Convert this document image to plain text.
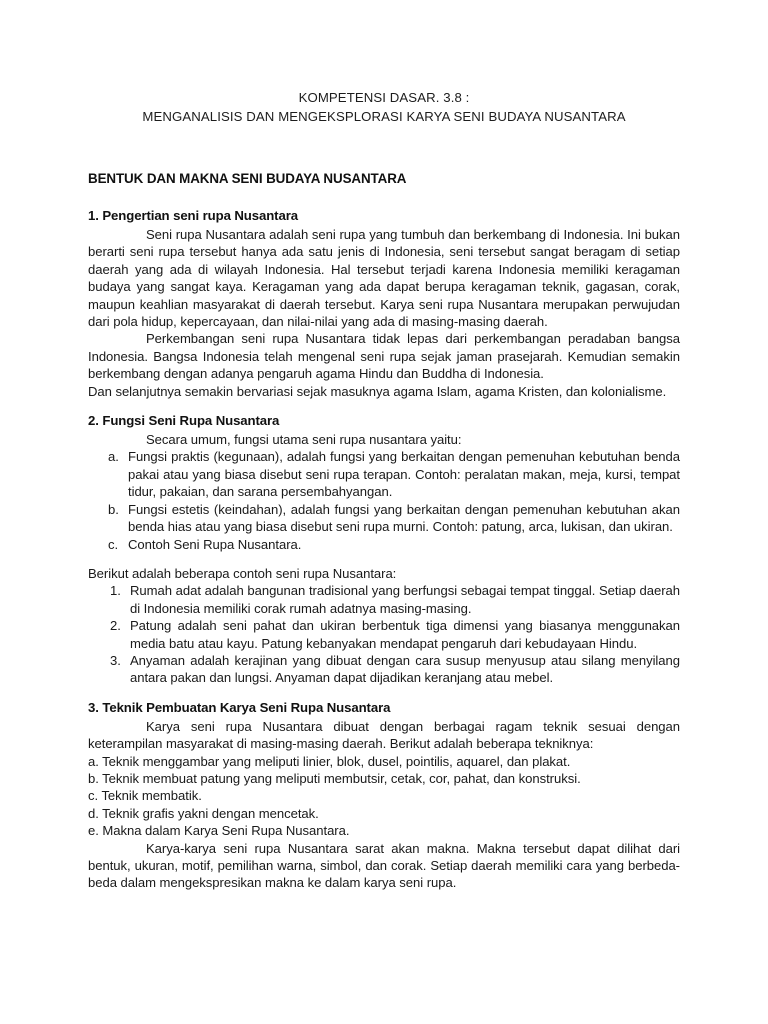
KOMPETENSI DASAR. 3.8 :
MENGANALISIS DAN MENGEKSPLORASI KARYA SENI BUDAYA NUSANTARA
BENTUK DAN MAKNA SENI BUDAYA NUSANTARA
1. Pengertian seni rupa Nusantara

Seni rupa Nusantara adalah seni rupa yang tumbuh dan berkembang di Indonesia. Ini bukan berarti seni rupa tersebut hanya ada satu jenis di Indonesia, seni tersebut sangat beragam di setiap daerah yang ada di wilayah Indonesia. Hal tersebut terjadi karena Indonesia memiliki keragaman budaya yang sangat kaya. Keragaman yang ada dapat berupa keragaman teknik, gagasan, corak, maupun keahlian masyarakat di daerah tersebut. Karya seni rupa Nusantara merupakan perwujudan dari pola hidup, kepercayaan, dan nilai-nilai yang ada di masing-masing daerah.

Perkembangan seni rupa Nusantara tidak lepas dari perkembangan peradaban bangsa Indonesia. Bangsa Indonesia telah mengenal seni rupa sejak jaman prasejarah. Kemudian semakin berkembang dengan adanya pengaruh agama Hindu dan Buddha di Indonesia.

Dan selanjutnya semakin bervariasi sejak masuknya agama Islam, agama Kristen, dan kolonialisme.

2. Fungsi Seni Rupa Nusantara

Secara umum, fungsi utama seni rupa nusantara yaitu:

a. Fungsi praktis (kegunaan), adalah fungsi yang berkaitan dengan pemenuhan kebutuhan benda pakai atau yang biasa disebut seni rupa terapan. Contoh: peralatan makan, meja, kursi, tempat tidur, pakaian, dan sarana persembahyangan.
b. Fungsi estetis (keindahan), adalah fungsi yang berkaitan dengan pemenuhan kebutuhan akan benda hias atau yang biasa disebut seni rupa murni. Contoh: patung, arca, lukisan, dan ukiran.
c. Contoh Seni Rupa Nusantara.

Berikut adalah beberapa contoh seni rupa Nusantara:

1. Rumah adat adalah bangunan tradisional yang berfungsi sebagai tempat tinggal. Setiap daerah di Indonesia memiliki corak rumah adatnya masing-masing.
2. Patung adalah seni pahat dan ukiran berbentuk tiga dimensi yang biasanya menggunakan media batu atau kayu. Patung kebanyakan mendapat pengaruh dari kebudayaan Hindu.
3. Anyaman adalah kerajinan yang dibuat dengan cara susup menyusup atau silang menyilang antara pakan dan lungsi. Anyaman dapat dijadikan keranjang atau mebel.
3. Teknik Pembuatan Karya Seni Rupa Nusantara

Karya seni rupa Nusantara dibuat dengan berbagai ragam teknik sesuai dengan keterampilan masyarakat di masing-masing daerah. Berikut adalah beberapa tekniknya:

a. Teknik menggambar yang meliputi linier, blok, dusel, pointilis, aquarel, dan plakat.
b. Teknik membuat patung yang meliputi membutsir, cetak, cor, pahat, dan konstruksi.
c. Teknik membatik.
d. Teknik grafis yakni dengan mencetak.
e. Makna dalam Karya Seni Rupa Nusantara.

Karya-karya seni rupa Nusantara sarat akan makna. Makna tersebut dapat dilihat dari bentuk, ukuran, motif, pemilihan warna, simbol, dan corak. Setiap daerah memiliki cara yang berbeda-beda dalam mengekspresikan makna ke dalam karya seni rupa.
